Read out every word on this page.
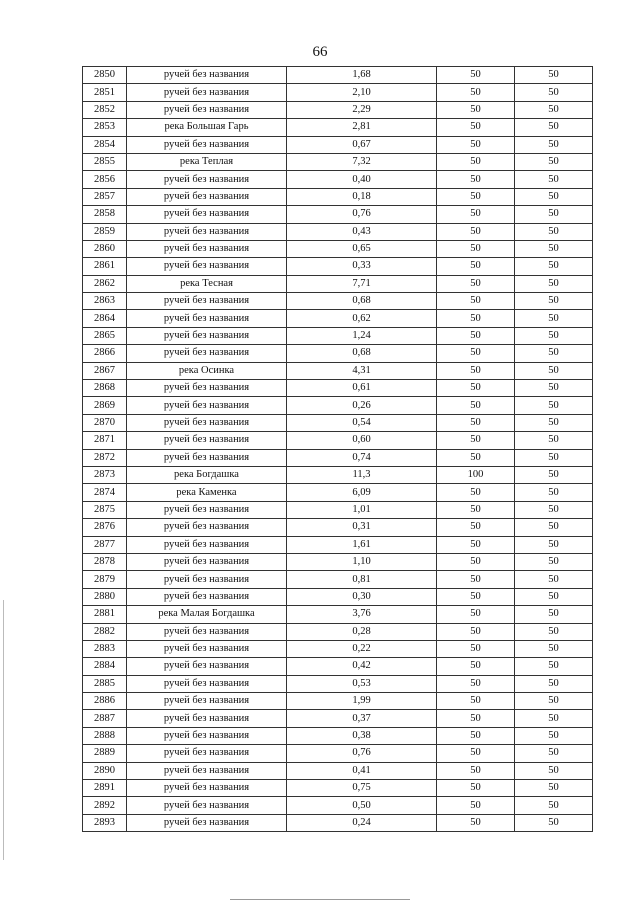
66
2850	ручей без названия	1,68	50	50
2851	ручей без названия	2,10	50	50
2852	ручей без названия	2,29	50	50
2853	река Большая Гарь	2,81	50	50
2854	ручей без названия	0,67	50	50
2855	река Теплая	7,32	50	50
2856	ручей без названия	0,40	50	50
2857	ручей без названия	0,18	50	50
2858	ручей без названия	0,76	50	50
2859	ручей без названия	0,43	50	50
2860	ручей без названия	0,65	50	50
2861	ручей без названия	0,33	50	50
2862	река Тесная	7,71	50	50
2863	ручей без названия	0,68	50	50
2864	ручей без названия	0,62	50	50
2865	ручей без названия	1,24	50	50
2866	ручей без названия	0,68	50	50
2867	река Осинка	4,31	50	50
2868	ручей без названия	0,61	50	50
2869	ручей без названия	0,26	50	50
2870	ручей без названия	0,54	50	50
2871	ручей без названия	0,60	50	50
2872	ручей без названия	0,74	50	50
2873	река Богдашка	11,3	100	50
2874	река Каменка	6,09	50	50
2875	ручей без названия	1,01	50	50
2876	ручей без названия	0,31	50	50
2877	ручей без названия	1,61	50	50
2878	ручей без названия	1,10	50	50
2879	ручей без названия	0,81	50	50
2880	ручей без названия	0,30	50	50
2881	река Малая Богдашка	3,76	50	50
2882	ручей без названия	0,28	50	50
2883	ручей без названия	0,22	50	50
2884	ручей без названия	0,42	50	50
2885	ручей без названия	0,53	50	50
2886	ручей без названия	1,99	50	50
2887	ручей без названия	0,37	50	50
2888	ручей без названия	0,38	50	50
2889	ручей без названия	0,76	50	50
2890	ручей без названия	0,41	50	50
2891	ручей без названия	0,75	50	50
2892	ручей без названия	0,50	50	50
2893	ручей без названия	0,24	50	50
